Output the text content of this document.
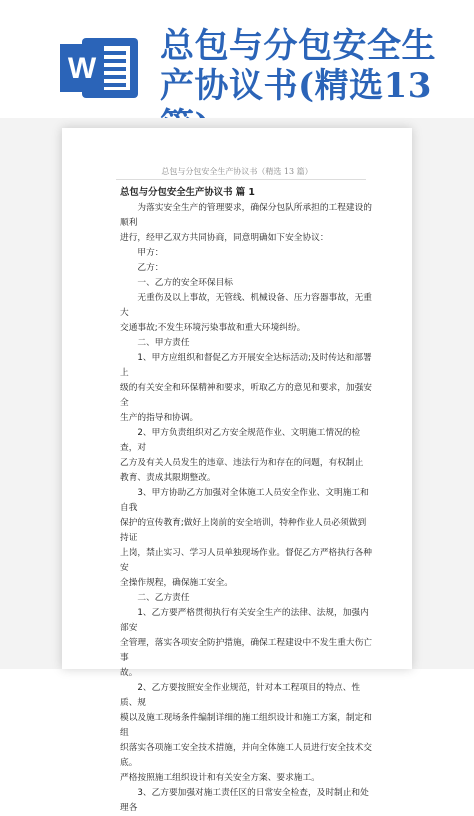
W
总包与分包安全生
产协议书(精选13
总包与分包安全生产协议书（精选 13 篇）

总包与分包安全生产协议书 篇 1

为落实安全生产的管理要求，确保分包队所承担的工程建设的顺利
进行，经甲乙双方共同协商，同意明确如下安全协议：

甲方：

乙方：

一、乙方的安全环保目标

无重伤及以上事故，无管线、机械设备、压力容器事故，无重大
交通事故;不发生环境污染事故和重大环境纠纷。

二、甲方责任

1、甲方应组织和督促乙方开展安全达标活动;及时传达和部署上
级的有关安全和环保精神和要求，听取乙方的意见和要求，加强安全
生产的指导和协调。

2、甲方负责组织对乙方安全规范作业、文明施工情况的检查，对
乙方及有关人员发生的违章、违法行为和存在的问题，有权制止
教育、责成其限期整改。

3、甲方协助乙方加强对全体施工人员安全作业、文明施工和自我
保护的宣传教育;做好上岗前的安全培训，特种作业人员必须做到持证
上岗，禁止实习、学习人员单独现场作业。督促乙方严格执行各种安
全操作规程，确保施工安全。

二、乙方责任

1、乙方要严格贯彻执行有关安全生产的法律、法规，加强内部安
全管理，落实各项安全防护措施，确保工程建设中不发生重大伤亡事
故。

2、乙方要按照安全作业规范，针对本工程项目的特点、性质、规
模以及施工现场条件编制详细的施工组织设计和施工方案，制定和组
织落实各项施工安全技术措施，并向全体施工人员进行安全技术交底。
严格按照施工组织设计和有关安全方案、要求施工。

3、乙方要加强对施工责任区的日常安全检查，及时制止和处理各
